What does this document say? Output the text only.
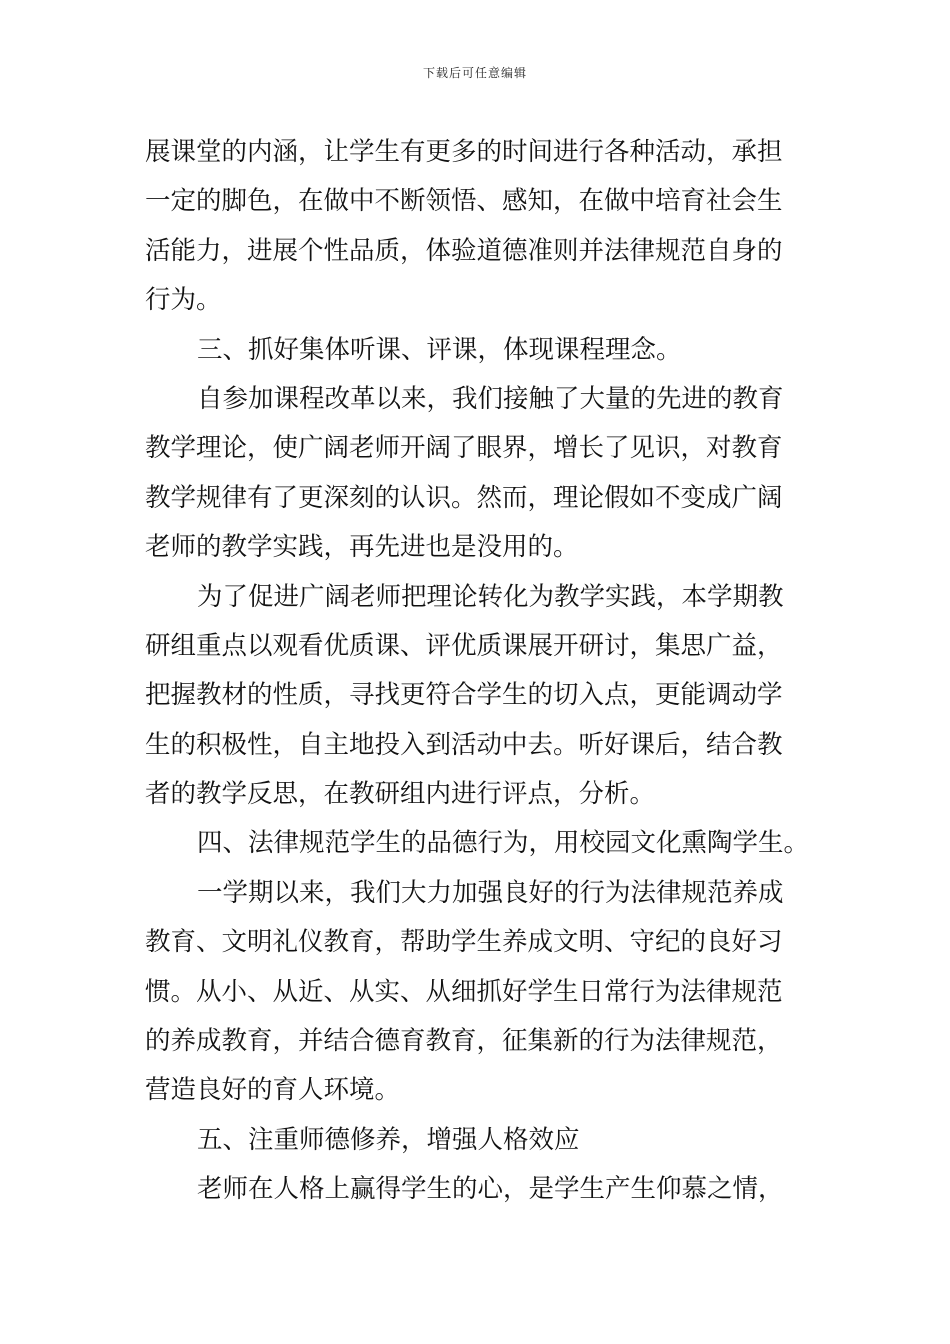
下载后可任意编辑
展课堂的内涵，让学生有更多的时间进行各种活动，承担
一定的脚色，在做中不断领悟、感知，在做中培育社会生
活能力，进展个性品质，体验道德准则并法律规范自身的
行为。
三、抓好集体听课、评课，体现课程理念。
自参加课程改革以来，我们接触了大量的先进的教育
教学理论，使广阔老师开阔了眼界，增长了见识，对教育
教学规律有了更深刻的认识。然而，理论假如不变成广阔
老师的教学实践，再先进也是没用的。
为了促进广阔老师把理论转化为教学实践，本学期教
研组重点以观看优质课、评优质课展开研讨，集思广益，
把握教材的性质，寻找更符合学生的切入点，更能调动学
生的积极性，自主地投入到活动中去。听好课后，结合教
者的教学反思，在教研组内进行评点，分析。
四、法律规范学生的品德行为，用校园文化熏陶学生。
一学期以来，我们大力加强良好的行为法律规范养成
教育、文明礼仪教育，帮助学生养成文明、守纪的良好习
惯。从小、从近、从实、从细抓好学生日常行为法律规范
的养成教育，并结合德育教育，征集新的行为法律规范，
营造良好的育人环境。
五、注重师德修养，增强人格效应
老师在人格上赢得学生的心，是学生产生仰慕之情，
